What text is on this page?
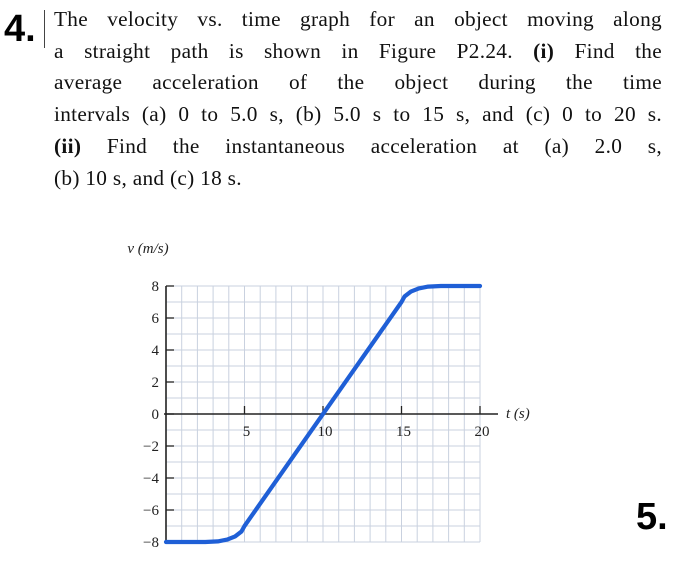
4. The velocity vs. time graph for an object moving along
a straight path is shown in Figure P2.24. (i) Find the
average acceleration of the object during the time
intervals (a) 0 to 5.0 s, (b) 5.0 s to 15 s, and (c) 0 to 20 s.
(ii) Find the instantaneous acceleration at (a) 2.0 s,
(b) 10 s, and (c) 18 s.
8
6
4
2
0
−2
−4
−6
−8
5	10	15	20
v (m/s)
t (s)
5.
